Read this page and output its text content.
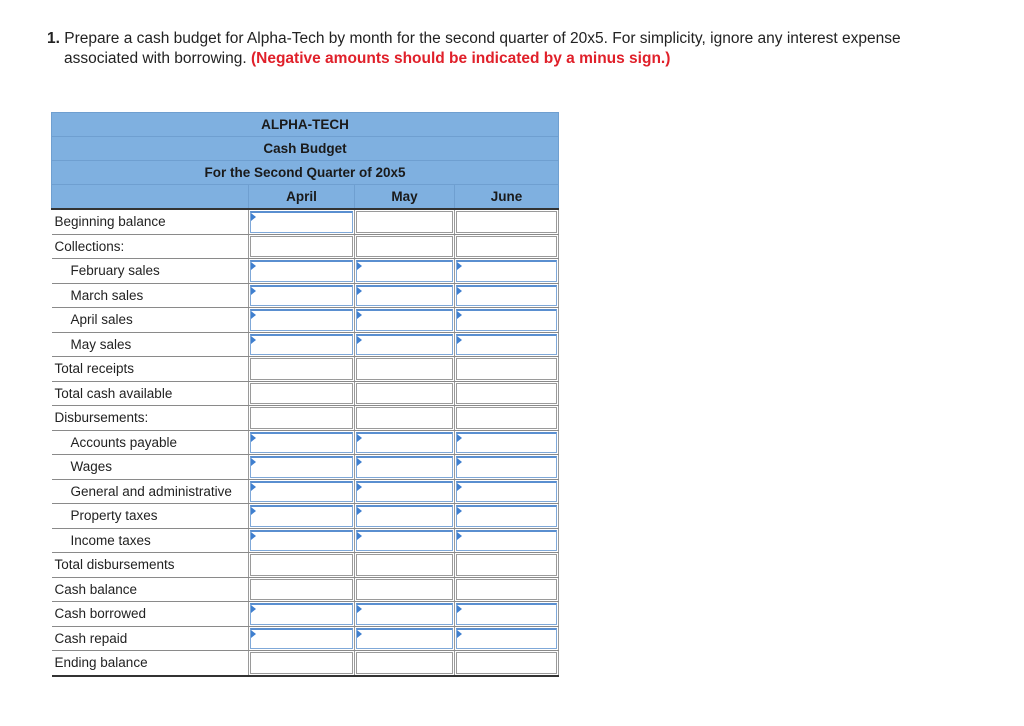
1. Prepare a cash budget for Alpha-Tech by month for the second quarter of 20x5. For simplicity, ignore any interest expense
associated with borrowing. (Negative amounts should be indicated by a minus sign.)
ALPHA-TECH			
Cash Budget			
For the Second Quarter of 20x5			
	April	May	June
Beginning balance	

Collections:	

February sales	

March sales	

April sales	

May sales	

Total receipts	

Total cash available	

Disbursements:	

Accounts payable	

Wages	

General and administrative	

Property taxes	

Income taxes	

Total disbursements	

Cash balance	

Cash borrowed	

Cash repaid	

Ending balance	
